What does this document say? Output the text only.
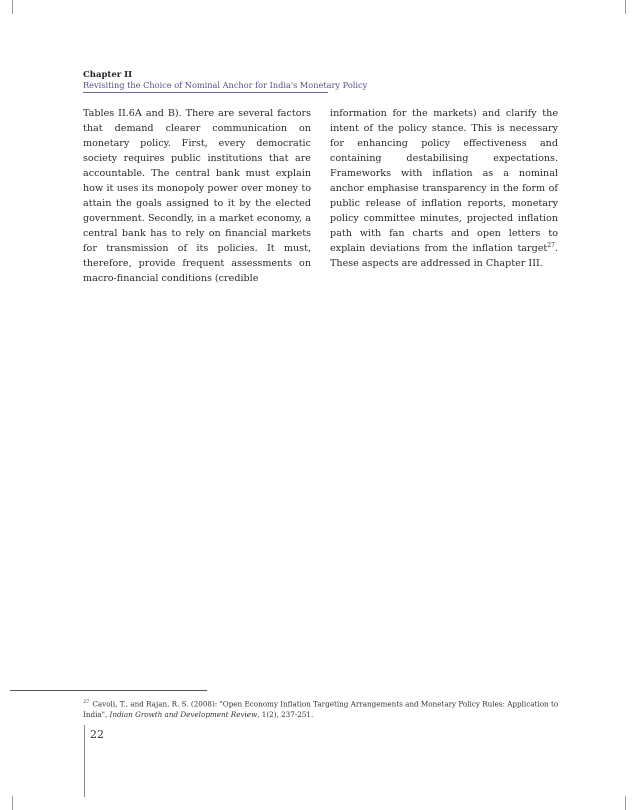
Chapter II
Revisiting the Choice of Nominal Anchor for India's Monetary Policy

Tables II.6A and B). There are several factors that demand clearer communication on monetary policy. First, every democratic society requires public institutions that are accountable. The central bank must explain how it uses its monopoly power over money to attain the goals assigned to it by the elected government. Secondly, in a market economy, a central bank has to rely on financial markets for transmission of its policies. It must, therefore, provide frequent assessments on macro-financial conditions (credible

information for the markets) and clarify the intent of the policy stance. This is necessary for enhancing policy effectiveness and containing destabilising expectations. Frameworks with inflation as a nominal anchor emphasise transparency in the form of public release of inflation reports, monetary policy committee minutes, projected inflation path with fan charts and open letters to explain deviations from the inflation target$^{27}$. These aspects are addressed in Chapter III.

$^{27}$ Cavoli, T., and Rajan, R. S. (2008): "Open Economy Inflation Targeting Arrangements and Monetary Policy Rules: Application to India", Indian Growth and Development Review, 1(2), 237-251.
22
